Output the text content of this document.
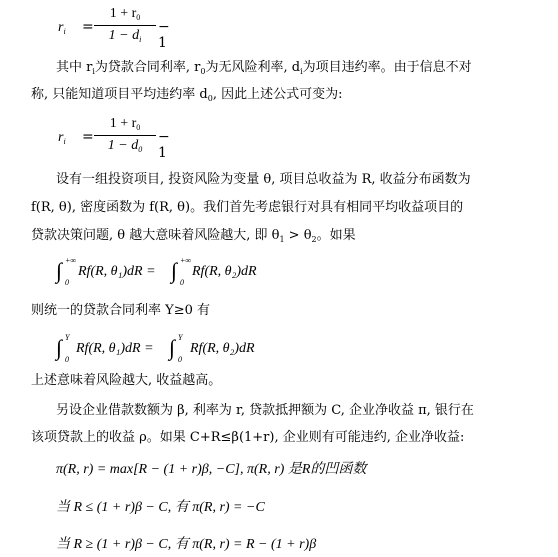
$r_i$ =
$1 + r_0$
$1 - d_i$
− 1
其中 $r_i$为贷款合同利率, $r_0$为无风险利率, $d_i$为项目违约率。由于信息不对
称, 只能知道项目平均违约率 $d_0$, 因此上述公式可变为:
$r_i$ =
$1 + r_0$
$1 - d_0$
− 1
设有一组投资项目, 投资风险为变量 θ, 项目总收益为 R, 收益分布函数为
f(R, θ), 密度函数为 f(R, θ)。我们首先考虑银行对具有相同平均收益项目的
贷款决策问题, θ 越大意味着风险越大, 即 $\theta_1 > \theta_2$。如果
∫ +∞
0
Rf(R, θ₁)dR = ∫ +∞
0
Rf(R, θ₂)dR
则统一的贷款合同利率 Y≥0 有
∫ Y
0
Rf(R, θ₁)dR = ∫ Y
0
Rf(R, θ₂)dR
上述意味着风险越大, 收益越高。
另设企业借款数额为 β, 利率为 r, 贷款抵押额为 C, 企业净收益 π, 银行在
该项贷款上的收益 ρ。如果 C+R≤β(1+r), 企业则有可能违约, 企业净收益:
π(R, r) = max[R − (1 + r)β, −C], π(R, r) 是R的凹函数
当 R ≤ (1 + r)β − C, 有 π(R, r) = −C
当 R ≥ (1 + r)β − C, 有 π(R, r) = R − (1 + r)β
